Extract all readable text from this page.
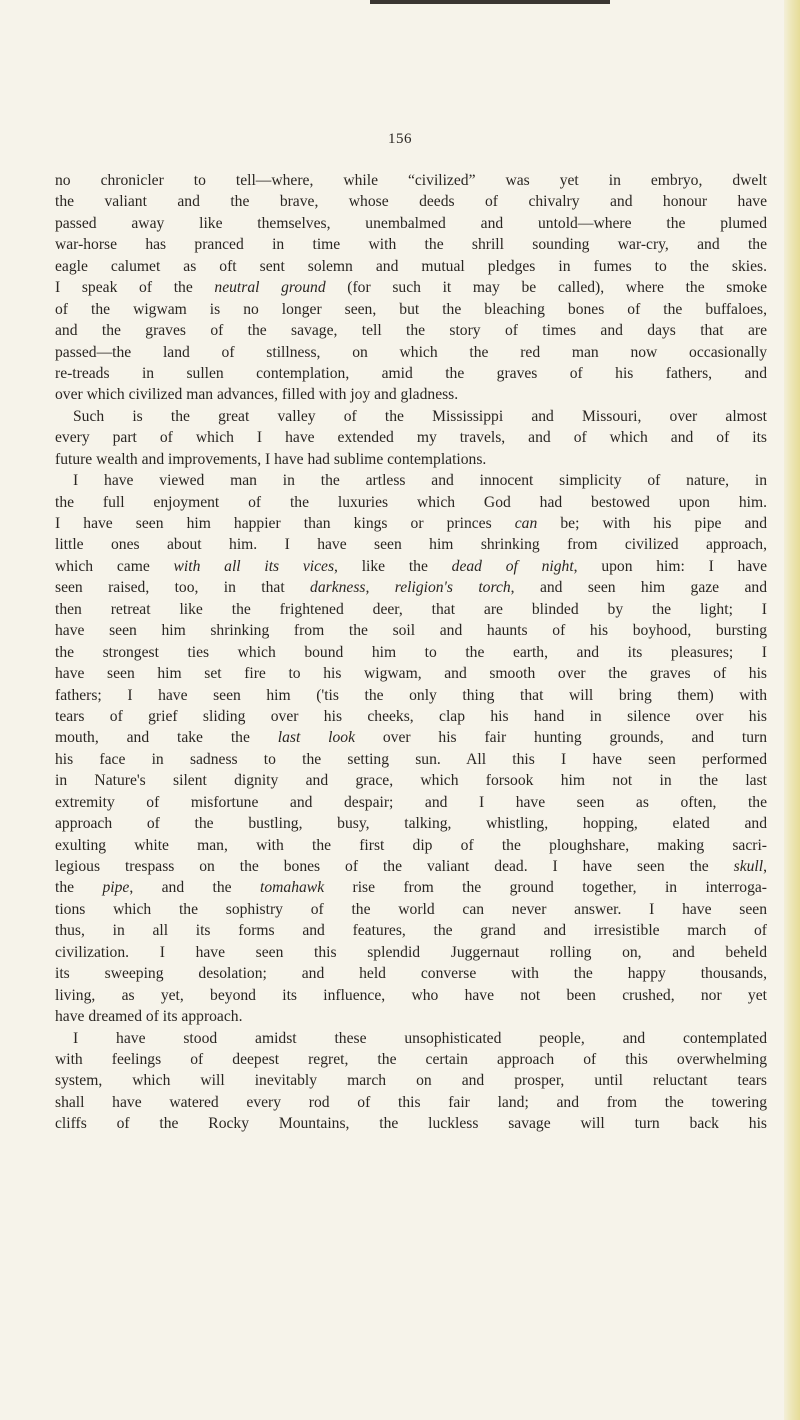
156
no chronicler to tell—where, while “civilized” was yet in embryo, dwelt
the valiant and the brave, whose deeds of chivalry and honour have
passed away like themselves, unembalmed and untold—where the plumed
war-horse has pranced in time with the shrill sounding war-cry, and the
eagle calumet as oft sent solemn and mutual pledges in fumes to the skies.
I speak of the neutral ground (for such it may be called), where the smoke
of the wigwam is no longer seen, but the bleaching bones of the buffaloes,
and the graves of the savage, tell the story of times and days that are
passed—the land of stillness, on which the red man now occasionally
re-treads in sullen contemplation, amid the graves of his fathers, and
over which civilized man advances, filled with joy and gladness.
Such is the great valley of the Mississippi and Missouri, over almost
every part of which I have extended my travels, and of which and of its
future wealth and improvements, I have had sublime contemplations.
I have viewed man in the artless and innocent simplicity of nature, in
the full enjoyment of the luxuries which God had bestowed upon him.
I have seen him happier than kings or princes can be; with his pipe and
little ones about him. I have seen him shrinking from civilized approach,
which came with all its vices, like the dead of night, upon him: I have
seen raised, too, in that darkness, religion's torch, and seen him gaze and
then retreat like the frightened deer, that are blinded by the light; I
have seen him shrinking from the soil and haunts of his boyhood, bursting
the strongest ties which bound him to the earth, and its pleasures; I
have seen him set fire to his wigwam, and smooth over the graves of his
fathers; I have seen him ('tis the only thing that will bring them) with
tears of grief sliding over his cheeks, clap his hand in silence over his
mouth, and take the last look over his fair hunting grounds, and turn
his face in sadness to the setting sun. All this I have seen performed
in Nature's silent dignity and grace, which forsook him not in the last
extremity of misfortune and despair; and I have seen as often, the
approach of the bustling, busy, talking, whistling, hopping, elated and
exulting white man, with the first dip of the ploughshare, making sacri-
legious trespass on the bones of the valiant dead. I have seen the skull,
the pipe, and the tomahawk rise from the ground together, in interroga-
tions which the sophistry of the world can never answer. I have seen
thus, in all its forms and features, the grand and irresistible march of
civilization. I have seen this splendid Juggernaut rolling on, and beheld
its sweeping desolation; and held converse with the happy thousands,
living, as yet, beyond its influence, who have not been crushed, nor yet
have dreamed of its approach.
I have stood amidst these unsophisticated people, and contemplated
with feelings of deepest regret, the certain approach of this overwhelming
system, which will inevitably march on and prosper, until reluctant tears
shall have watered every rod of this fair land; and from the towering
cliffs of the Rocky Mountains, the luckless savage will turn back his
